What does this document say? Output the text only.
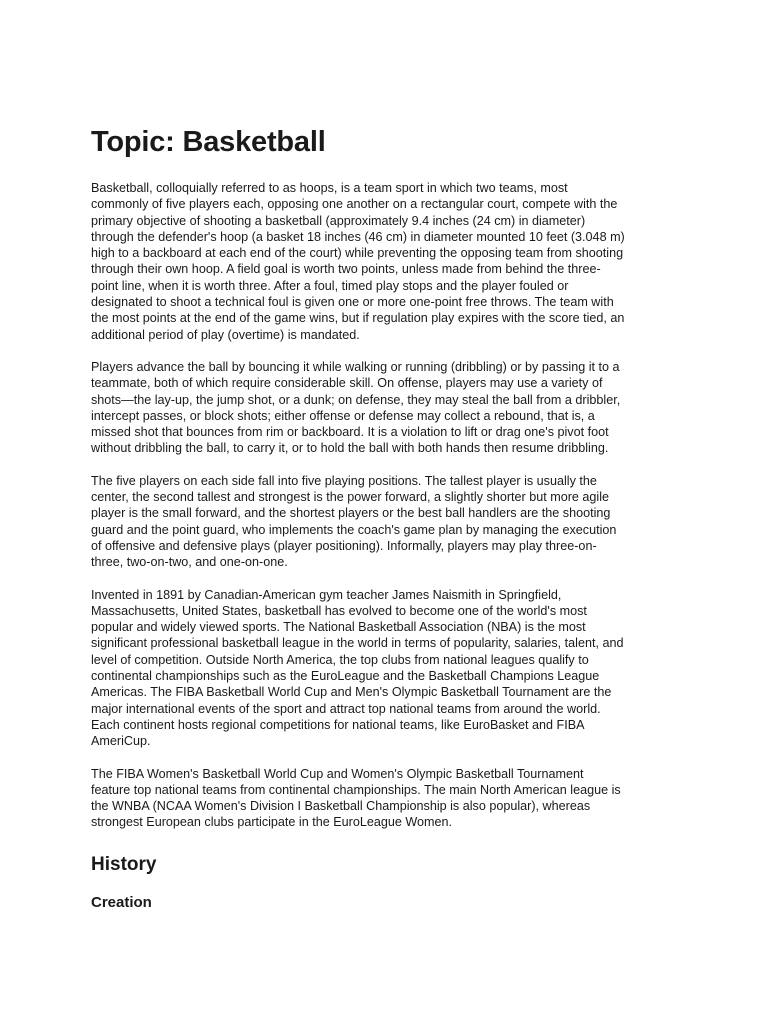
Topic: Basketball

Basketball, colloquially referred to as hoops, is a team sport in which two teams, most
commonly of five players each, opposing one another on a rectangular court, compete with the
primary objective of shooting a basketball (approximately 9.4 inches (24 cm) in diameter)
through the defender's hoop (a basket 18 inches (46 cm) in diameter mounted 10 feet (3.048 m)
high to a backboard at each end of the court) while preventing the opposing team from shooting
through their own hoop. A field goal is worth two points, unless made from behind the three-
point line, when it is worth three. After a foul, timed play stops and the player fouled or
designated to shoot a technical foul is given one or more one-point free throws. The team with
the most points at the end of the game wins, but if regulation play expires with the score tied, an
additional period of play (overtime) is mandated.

Players advance the ball by bouncing it while walking or running (dribbling) or by passing it to a
teammate, both of which require considerable skill. On offense, players may use a variety of
shots—the lay-up, the jump shot, or a dunk; on defense, they may steal the ball from a dribbler,
intercept passes, or block shots; either offense or defense may collect a rebound, that is, a
missed shot that bounces from rim or backboard. It is a violation to lift or drag one's pivot foot
without dribbling the ball, to carry it, or to hold the ball with both hands then resume dribbling.

The five players on each side fall into five playing positions. The tallest player is usually the
center, the second tallest and strongest is the power forward, a slightly shorter but more agile
player is the small forward, and the shortest players or the best ball handlers are the shooting
guard and the point guard, who implements the coach's game plan by managing the execution
of offensive and defensive plays (player positioning). Informally, players may play three-on-
three, two-on-two, and one-on-one.

Invented in 1891 by Canadian-American gym teacher James Naismith in Springfield,
Massachusetts, United States, basketball has evolved to become one of the world's most
popular and widely viewed sports. The National Basketball Association (NBA) is the most
significant professional basketball league in the world in terms of popularity, salaries, talent, and
level of competition. Outside North America, the top clubs from national leagues qualify to
continental championships such as the EuroLeague and the Basketball Champions League
Americas. The FIBA Basketball World Cup and Men's Olympic Basketball Tournament are the
major international events of the sport and attract top national teams from around the world.
Each continent hosts regional competitions for national teams, like EuroBasket and FIBA
AmeriCup.

The FIBA Women's Basketball World Cup and Women's Olympic Basketball Tournament
feature top national teams from continental championships. The main North American league is
the WNBA (NCAA Women's Division I Basketball Championship is also popular), whereas
strongest European clubs participate in the EuroLeague Women.

History
Creation
